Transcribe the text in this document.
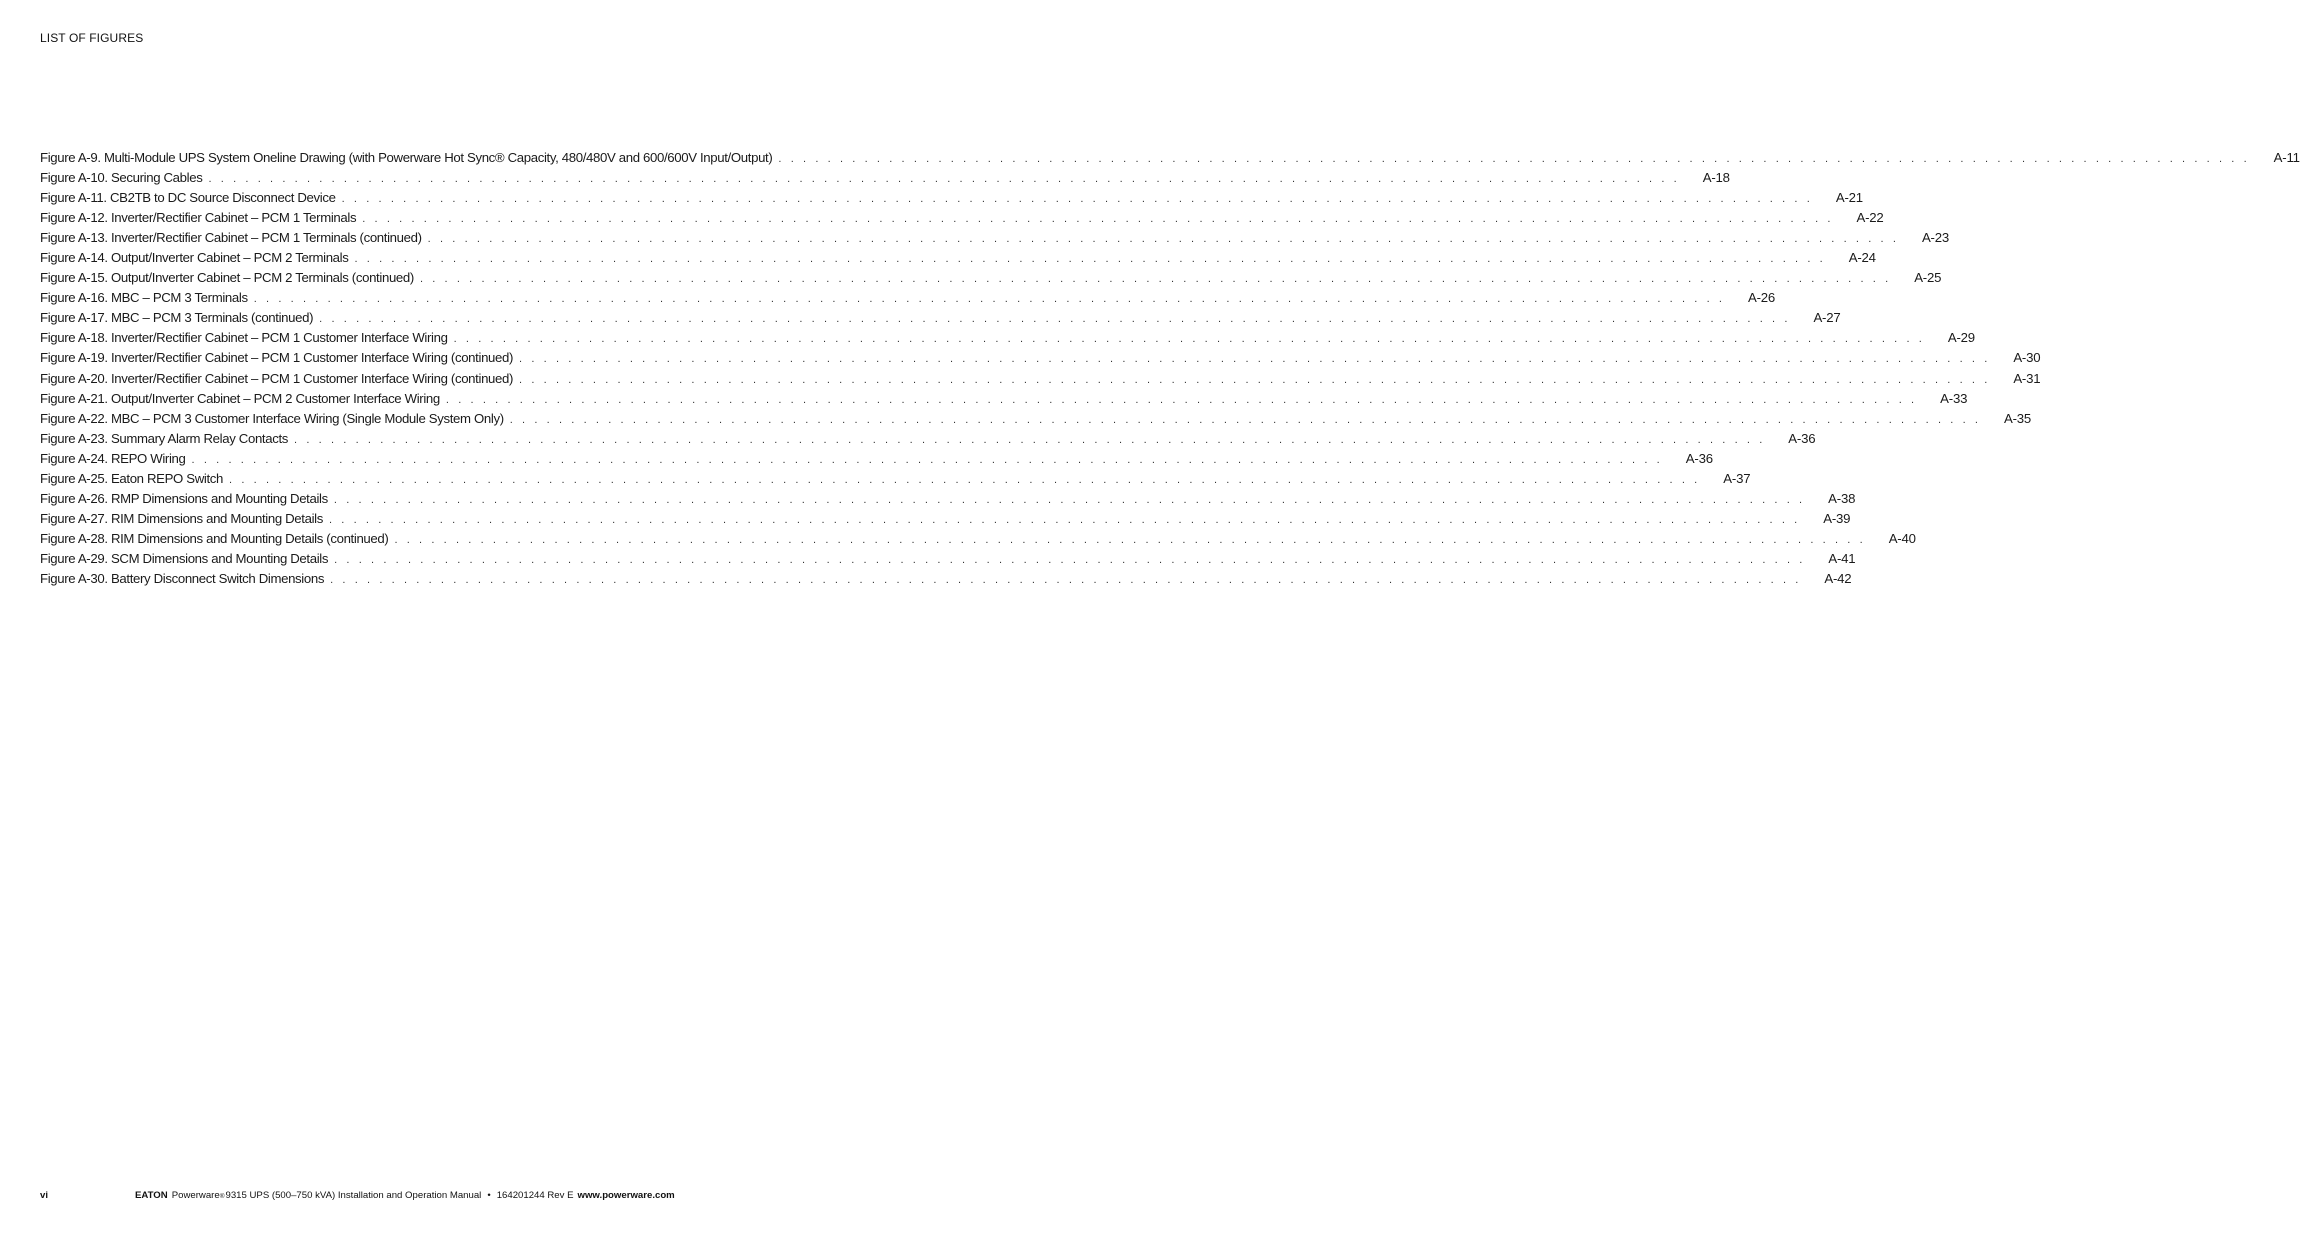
LIST OF FIGURES
Figure A-9. Multi-Module UPS System Oneline Drawing (with Powerware Hot Sync® Capacity, 480/480V and 600/600V Input/Output) . . .	A-11
Figure A-10. Securing Cables . . .	A-18
Figure A-11. CB2TB to DC Source Disconnect Device . . .	A-21
Figure A-12. Inverter/Rectifier Cabinet – PCM 1 Terminals . . .	A-22
Figure A-13. Inverter/Rectifier Cabinet – PCM 1 Terminals (continued) . . .	A-23
Figure A-14. Output/Inverter Cabinet – PCM 2 Terminals . . .	A-24
Figure A-15. Output/Inverter Cabinet – PCM 2 Terminals (continued) . . .	A-25
Figure A-16. MBC – PCM 3 Terminals . . .	A-26
Figure A-17. MBC – PCM 3 Terminals (continued) . . .	A-27
Figure A-18. Inverter/Rectifier Cabinet – PCM 1 Customer Interface Wiring . . .	A-29
Figure A-19. Inverter/Rectifier Cabinet – PCM 1 Customer Interface Wiring (continued) . . .	A-30
Figure A-20. Inverter/Rectifier Cabinet – PCM 1 Customer Interface Wiring (continued) . . .	A-31
Figure A-21. Output/Inverter Cabinet – PCM 2 Customer Interface Wiring . . .	A-33
Figure A-22. MBC – PCM 3 Customer Interface Wiring (Single Module System Only) . . .	A-35
Figure A-23. Summary Alarm Relay Contacts . . .	A-36
Figure A-24. REPO Wiring . . .	A-36
Figure A-25. Eaton REPO Switch . . .	A-37
Figure A-26. RMP Dimensions and Mounting Details . . .	A-38
Figure A-27. RIM Dimensions and Mounting Details . . .	A-39
Figure A-28. RIM Dimensions and Mounting Details (continued) . . .	A-40
Figure A-29. SCM Dimensions and Mounting Details . . .	A-41
Figure A-30. Battery Disconnect Switch Dimensions . . .	A-42
vi	EATON Powerware ® 9315 UPS (500–750 kVA) Installation and Operation Manual • 164201244 Rev E www.powerware.com
